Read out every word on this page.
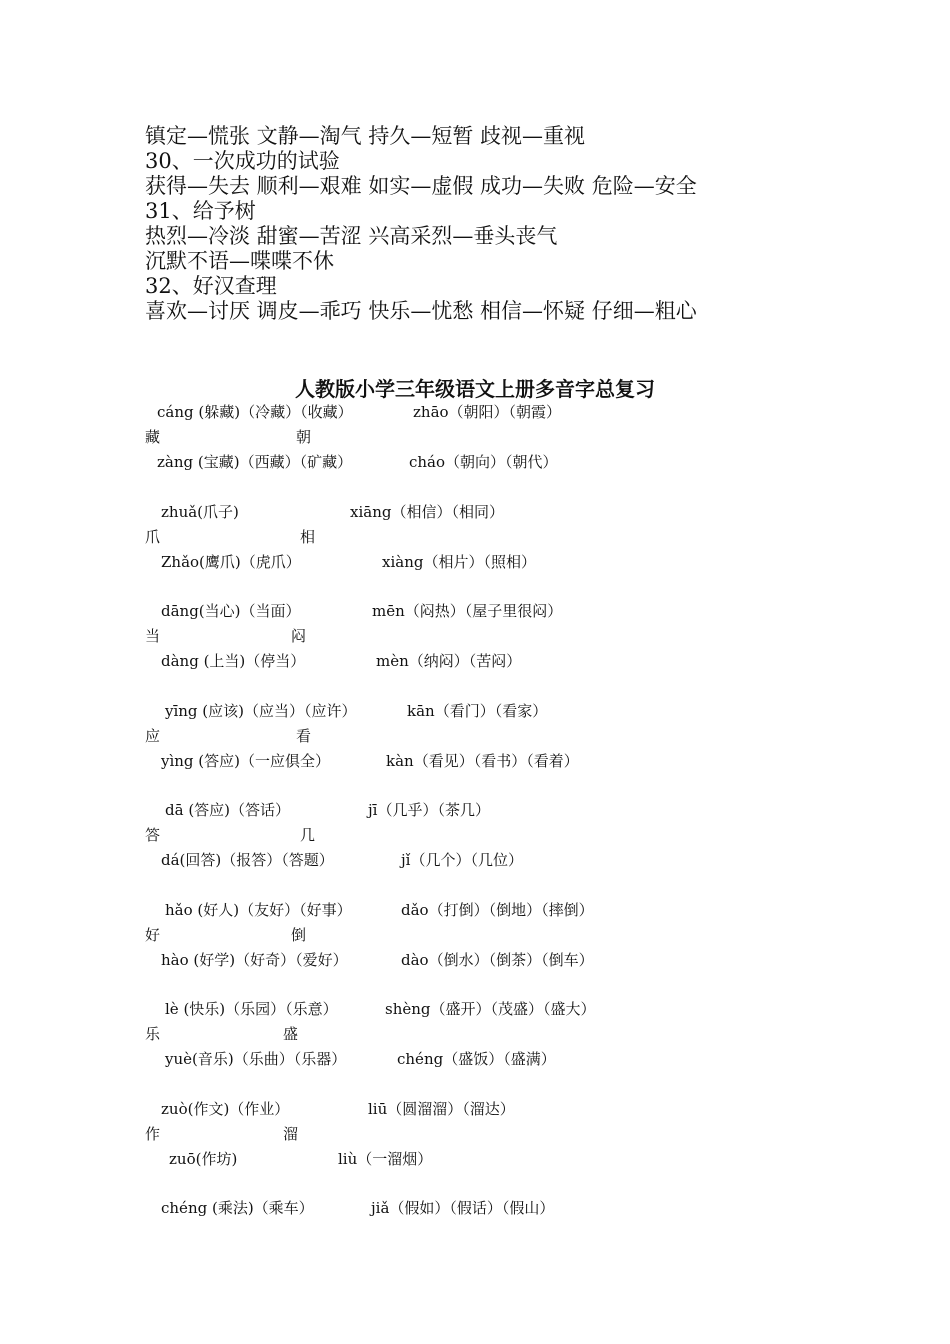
镇定—慌张 文静—淘气 持久—短暂 歧视—重视
30、一次成功的试验
获得—失去 顺利—艰难 如实—虚假 成功—失败 危险—安全
31、给予树
热烈—冷淡 甜蜜—苦涩 兴高采烈—垂头丧气
沉默不语—喋喋不休
32、好汉查理
喜欢—讨厌 调皮—乖巧 快乐—忧愁 相信—怀疑 仔细—粗心
人教版小学三年级语文上册多音字总复习
cáng (躲藏)（冷藏）（收藏）	zhāo（朝阳）（朝霞）
藏	朝
zàng (宝藏)（西藏）（矿藏）	cháo（朝向）（朝代）
zhuǎ(爪子)	xiāng（相信）（相同）
爪	相
Zhǎo(鹰爪)（虎爪）	xiàng（相片）（照相）
dāng(当心)（当面）	mēn（闷热）（屋子里很闷）
当	闷
dàng (上当)（停当）	mèn（纳闷）（苦闷）
yīng (应该)（应当）（应许）	kān（看门）（看家）
应	看
yìng (答应)（一应俱全）	kàn（看见）（看书）（看着）
dā (答应)（答话）	jī（几乎）（茶几）
答	几
dá(回答)（报答）（答题）	jǐ（几个）（几位）
hǎo (好人)（友好）（好事）	dǎo（打倒）（倒地）（摔倒）
好	倒
hào (好学)（好奇）（爱好）	dào（倒水）（倒茶）（倒车）
lè (快乐)（乐园）（乐意）	shèng（盛开）（茂盛）（盛大）
乐	盛
yuè(音乐)（乐曲）（乐器）	chéng（盛饭）（盛满）
zuò(作文)（作业）	liū（圆溜溜）（溜达）
作	溜
zuō(作坊)	liù（一溜烟）
chéng (乘法)（乘车）	jiǎ（假如）（假话）（假山）
